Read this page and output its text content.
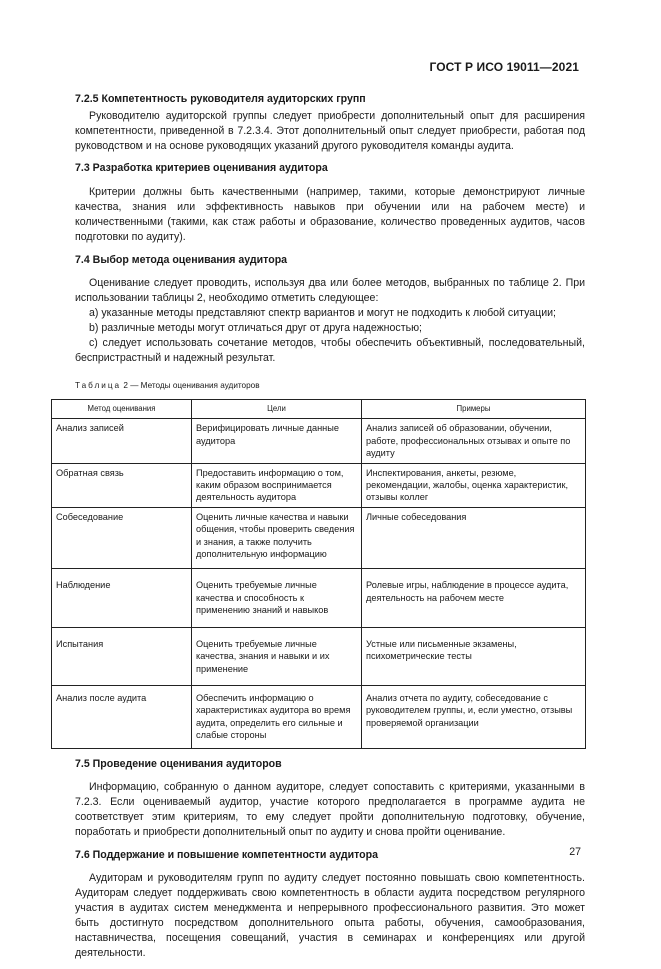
ГОСТ Р ИСО 19011—2021
7.2.5 Компетентность руководителя аудиторских групп

Руководителю аудиторской группы следует приобрести дополнительный опыт для расширения компетентности, приведенной в 7.2.3.4. Этот дополнительный опыт следует приобрести, работая под руководством и на основе руководящих указаний другого руководителя команды аудита.

7.3 Разработка критериев оценивания аудитора

Критерии должны быть качественными (например, такими, которые демонстрируют личные качества, знания или эффективность навыков при обучении или на рабочем месте) и количественными (такими, как стаж работы и образование, количество проведенных аудитов, часов подготовки по аудиту).

7.4 Выбор метода оценивания аудитора

Оценивание следует проводить, используя два или более методов, выбранных по таблице 2. При использовании таблицы 2, необходимо отметить следующее:

a) указанные методы представляют спектр вариантов и могут не подходить к любой ситуации;
b) различные методы могут отличаться друг от друга надежностью;

c) следует использовать сочетание методов, чтобы обеспечить объективный, последовательный, беспристрастный и надежный результат.

Таблица 2 — Методы оценивания аудиторов
Метод оценивания	Цели	Примеры
Анализ записей	Верифицировать личные данные аудитора	Анализ записей об образовании, обучении, работе, профессиональных отзывах и опыте по аудиту
Обратная связь	Предоставить информацию о том, каким образом воспринимается деятельность аудитора	Инспектирования, анкеты, резюме, рекомендации, жалобы, оценка характеристик, отзывы коллег
Собеседование	Оценить личные качества и навыки общения, чтобы проверить сведения и знания, а также получить дополнительную информацию	Личные собеседования
Наблюдение	Оценить требуемые личные качества и способность к применению знаний и навыков	Ролевые игры, наблюдение в процессе аудита, деятельность на рабочем месте
Испытания	Оценить требуемые личные качества, знания и навыки и их применение	Устные или письменные экзамены, психометрические тесты
Анализ после аудита	Обеспечить информацию о характеристиках аудитора во время аудита, определить его сильные и слабые стороны	Анализ отчета по аудиту, собеседование с руководителем группы, и, если уместно, отзывы проверяемой организации
7.5 Проведение оценивания аудиторов

Информацию, собранную о данном аудиторе, следует сопоставить с критериями, указанными в 7.2.3. Если оцениваемый аудитор, участие которого предполагается в программе аудита не соответствует этим критериям, то ему следует пройти дополнительную подготовку, обучение, поработать и приобрести дополнительный опыт по аудиту и снова пройти оценивание.

7.6 Поддержание и повышение компетентности аудитора

Аудиторам и руководителям групп по аудиту следует постоянно повышать свою компетентность. Аудиторам следует поддерживать свою компетентность в области аудита посредством регулярного участия в аудитах систем менеджмента и непрерывного профессионального развития. Это может быть достигнуто посредством дополнительного опыта работы, обучения, самообразования, наставничества, посещения совещаний, участия в семинарах и конференциях или другой деятельности.

27
